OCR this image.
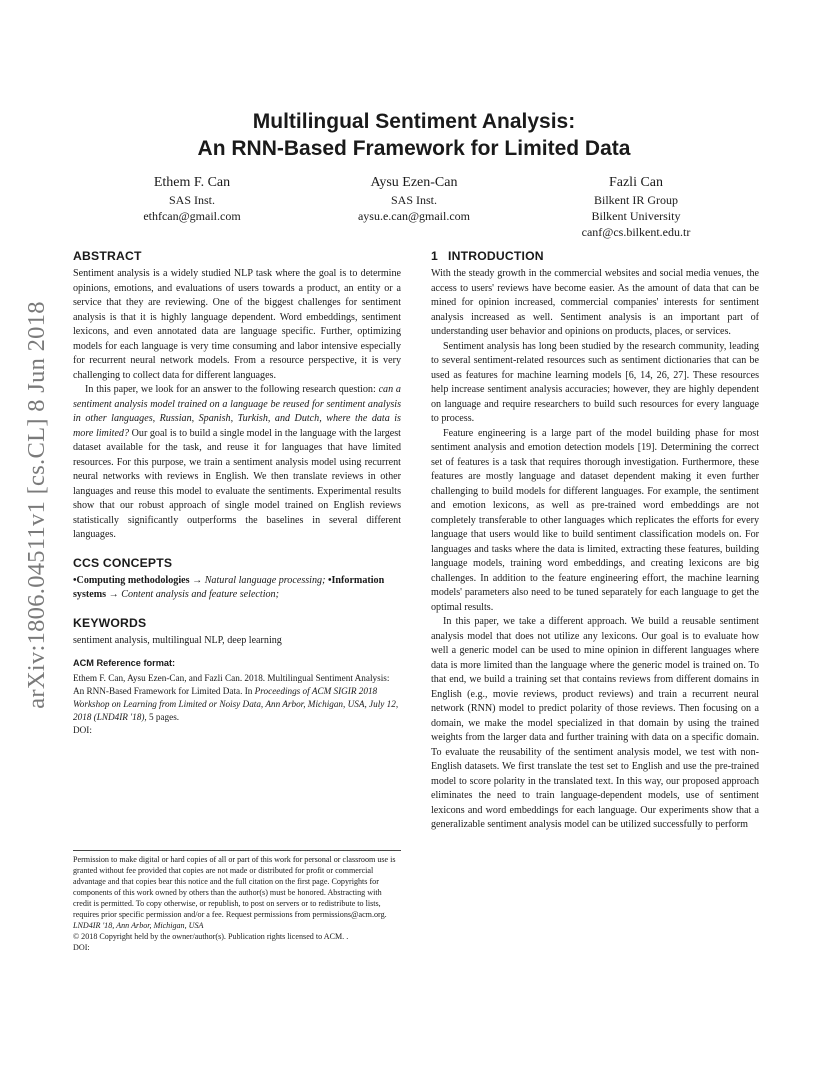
arXiv:1806.04511v1 [cs.CL] 8 Jun 2018
Multilingual Sentiment Analysis:
An RNN-Based Framework for Limited Data
Ethem F. Can
SAS Inst.
ethfcan@gmail.com
Aysu Ezen-Can
SAS Inst.
aysu.e.can@gmail.com
Fazli Can
Bilkent IR Group
Bilkent University
canf@cs.bilkent.edu.tr
ABSTRACT

Sentiment analysis is a widely studied NLP task where the goal is to determine opinions, emotions, and evaluations of users towards a product, an entity or a service that they are reviewing. One of the biggest challenges for sentiment analysis is that it is highly language dependent. Word embeddings, sentiment lexicons, and even annotated data are language specific. Further, optimizing models for each language is very time consuming and labor intensive especially for recurrent neural network models. From a resource perspective, it is very challenging to collect data for different languages.

In this paper, we look for an answer to the following research question: can a sentiment analysis model trained on a language be reused for sentiment analysis in other languages, Russian, Spanish, Turkish, and Dutch, where the data is more limited? Our goal is to build a single model in the language with the largest dataset available for the task, and reuse it for languages that have limited resources. For this purpose, we train a sentiment analysis model using recurrent neural networks with reviews in English. We then translate reviews in other languages and reuse this model to evaluate the sentiments. Experimental results show that our robust approach of single model trained on English reviews statistically significantly outperforms the baselines in several different languages.

CCS CONCEPTS

•Computing methodologies → Natural language processing; •Information systems → Content analysis and feature selection;

KEYWORDS

sentiment analysis, multilingual NLP, deep learning

ACM Reference format:

Ethem F. Can, Aysu Ezen-Can, and Fazli Can. 2018. Multilingual Sentiment Analysis:

An RNN-Based Framework for Limited Data. In Proceedings of ACM SIGIR 2018 Workshop on Learning from Limited or Noisy Data, Ann Arbor, Michigan, USA, July 12, 2018 (LND4IR '18), 5 pages.

DOI:

Permission to make digital or hard copies of all or part of this work for personal or classroom use is granted without fee provided that copies are not made or distributed for profit or commercial advantage and that copies bear this notice and the full citation on the first page. Copyrights for components of this work owned by others than the author(s) must be honored. Abstracting with credit is permitted. To copy otherwise, or republish, to post on servers or to redistribute to lists, requires prior specific permission and/or a fee. Request permissions from permissions@acm.org.

LND4IR '18, Ann Arbor, Michigan, USA

© 2018 Copyright held by the owner/author(s). Publication rights licensed to ACM. .

DOI:

1 INTRODUCTION

With the steady growth in the commercial websites and social media venues, the access to users' reviews have become easier. As the amount of data that can be mined for opinion increased, commercial companies' interests for sentiment analysis increased as well. Sentiment analysis is an important part of understanding user behavior and opinions on products, places, or services.

Sentiment analysis has long been studied by the research community, leading to several sentiment-related resources such as sentiment dictionaries that can be used as features for machine learning models [6, 14, 26, 27]. These resources help increase sentiment analysis accuracies; however, they are highly dependent on language and require researchers to build such resources for every language to process.

Feature engineering is a large part of the model building phase for most sentiment analysis and emotion detection models [19]. Determining the correct set of features is a task that requires thorough investigation. Furthermore, these features are mostly language and dataset dependent making it even further challenging to build models for different languages. For example, the sentiment and emotion lexicons, as well as pre-trained word embeddings are not completely transferable to other languages which replicates the efforts for every language that users would like to build sentiment classification models on. For languages and tasks where the data is limited, extracting these features, building language models, training word embeddings, and creating lexicons are big challenges. In addition to the feature engineering effort, the machine learning models' parameters also need to be tuned separately for each language to get the optimal results.

In this paper, we take a different approach. We build a reusable sentiment analysis model that does not utilize any lexicons. Our goal is to evaluate how well a generic model can be used to mine opinion in different languages where data is more limited than the language where the generic model is trained on. To that end, we build a training set that contains reviews from different domains in English (e.g., movie reviews, product reviews) and train a recurrent neural network (RNN) model to predict polarity of those reviews. Then focusing on a domain, we make the model specialized in that domain by using the trained weights from the larger data and further training with data on a specific domain. To evaluate the reusability of the sentiment analysis model, we test with non-English datasets. We first translate the test set to English and use the pre-trained model to score polarity in the translated text. In this way, our proposed approach eliminates the need to train language-dependent models, use of sentiment lexicons and word embeddings for each language. Our experiments show that a generalizable sentiment analysis model can be utilized successfully to perform
